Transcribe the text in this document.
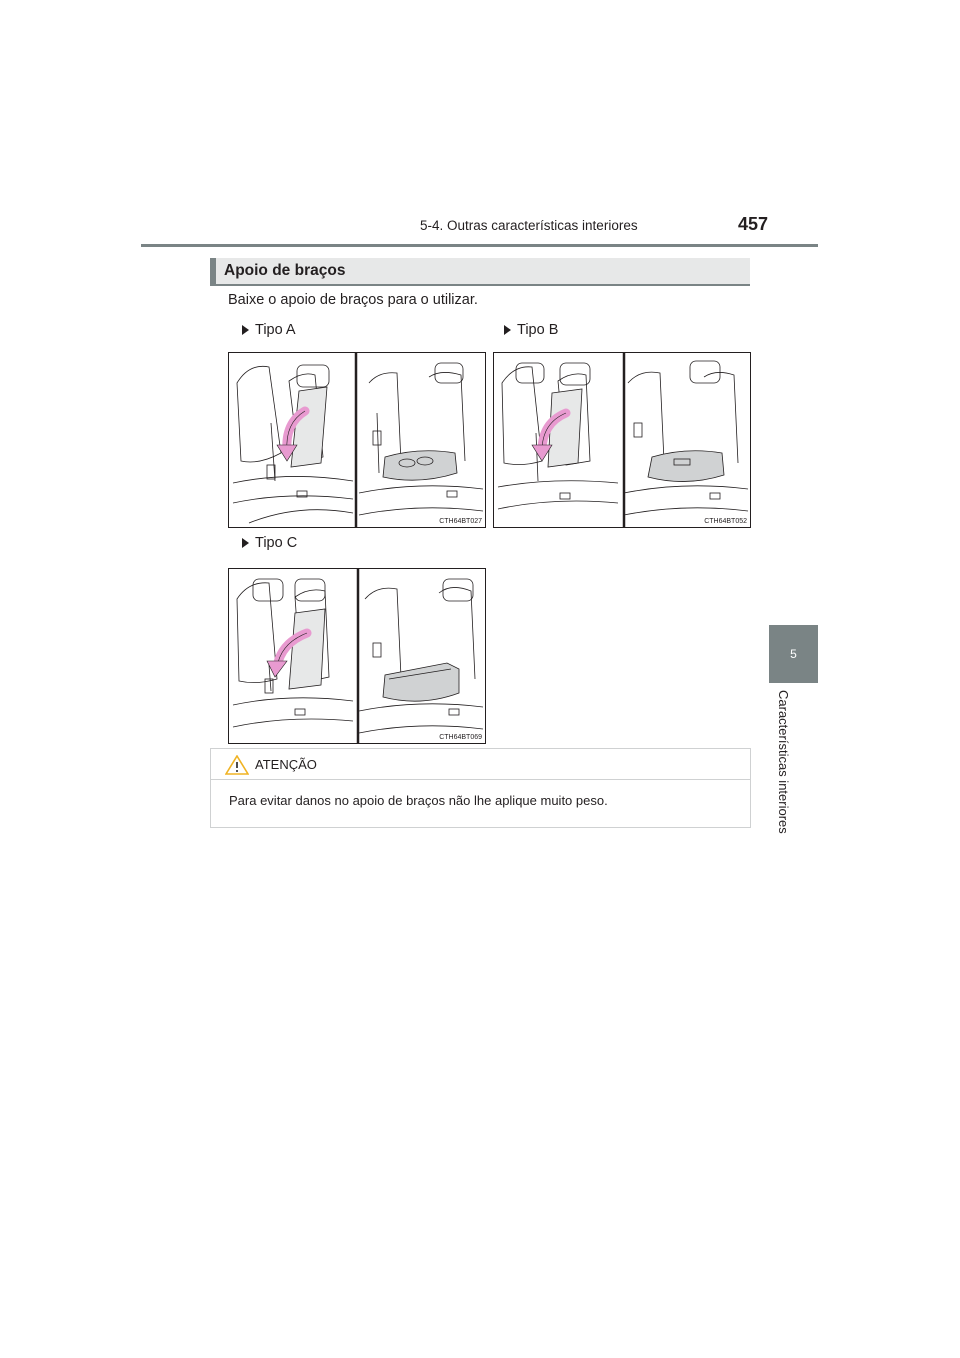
5-4. Outras características interiores	457
5
Características interiores
Apoio de braços
Baixe o apoio de braços para o utilizar.
Tipo A	Tipo B
Tipo C
CTH64BT027	CTH64BT052
CTH64BT069
ATENÇÃO
Para evitar danos no apoio de braços não lhe aplique muito peso.
